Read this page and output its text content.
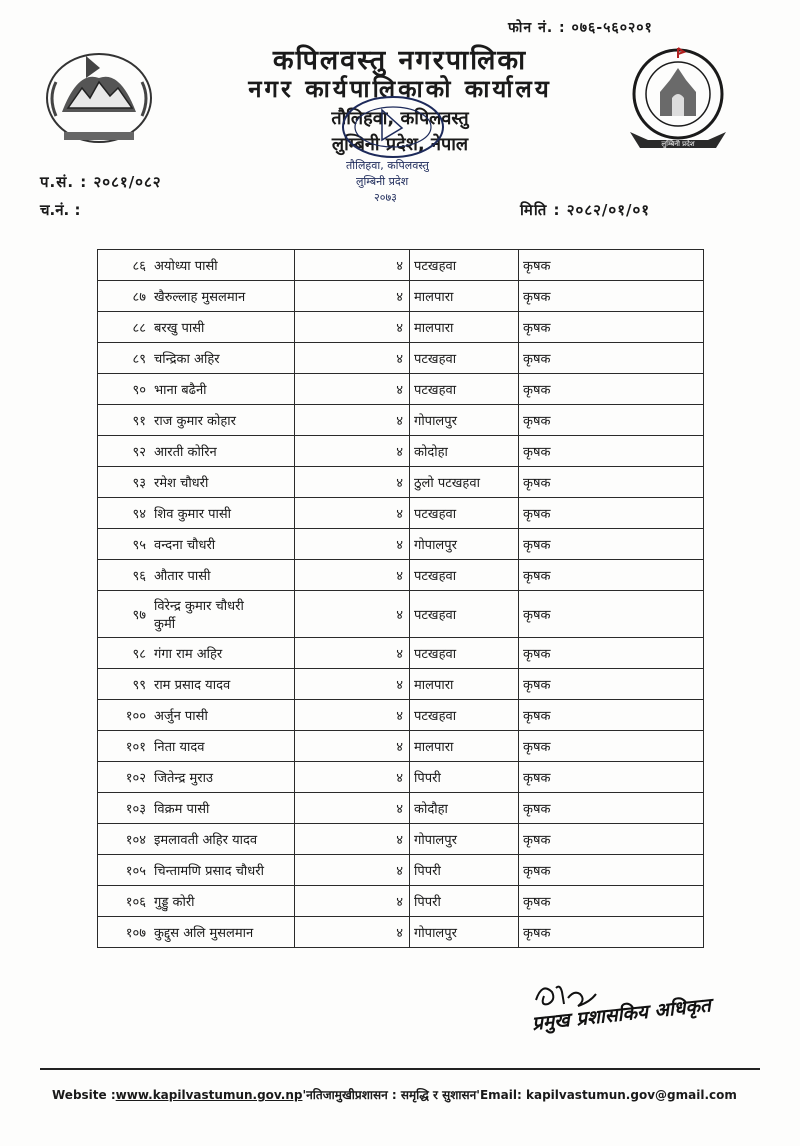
फोन नं. : ०७६-५६०२०१
कपिलवस्तु नगरपालिका
नगर कार्यपालिकाको कार्यालय
तौलिहवा, कपिलवस्तु
लुम्बिनी प्रदेश, नेपाल
तौलिहवा, कपिलवस्तु
लुम्बिनी प्रदेश
२०७३
लुम्बिनी प्रदेश
प.सं. : २०८१/०८२
च.नं. :	मिति : २०८२/०१/०१
८६	अयोध्या पासी	४	पटखहवा	कृषक
८७	खैरुल्लाह मुसलमान	४	मालपारा	कृषक
८८	बरखु पासी	४	मालपारा	कृषक
८९	चन्द्रिका अहिर	४	पटखहवा	कृषक
९०	भाना बढैनी	४	पटखहवा	कृषक
९१	राज कुमार कोहार	४	गोपालपुर	कृषक
९२	आरती कोरिन	४	कोदोहा	कृषक
९३	रमेश चौधरी	४	ठुलो पटखहवा	कृषक
९४	शिव कुमार पासी	४	पटखहवा	कृषक
९५	वन्दना चौधरी	४	गोपालपुर	कृषक
९६	औतार पासी	४	पटखहवा	कृषक
९७	विरेन्द्र कुमार चौधरी
कुर्मी	४	पटखहवा	कृषक
९८	गंगा राम अहिर	४	पटखहवा	कृषक
९९	राम प्रसाद यादव	४	मालपारा	कृषक
१००	अर्जुन पासी	४	पटखहवा	कृषक
१०१	निता यादव	४	मालपारा	कृषक
१०२	जितेन्द्र मुराउ	४	पिपरी	कृषक
१०३	विक्रम पासी	४	कोदौहा	कृषक
१०४	इमलावती अहिर यादव	४	गोपालपुर	कृषक
१०५	चिन्तामणि प्रसाद चौधरी	४	पिपरी	कृषक
१०६	गुड्डु कोरी	४	पिपरी	कृषक
१०७	कुद्दुस अलि मुसलमान	४	गोपालपुर	कृषक
प्रमुख प्रशासकिय अधिकृत
Website :www.kapilvastumun.gov.np'नतिजामुखीप्रशासन : समृद्धि र सुशासन'Email: kapilvastumun.gov@gmail.com
